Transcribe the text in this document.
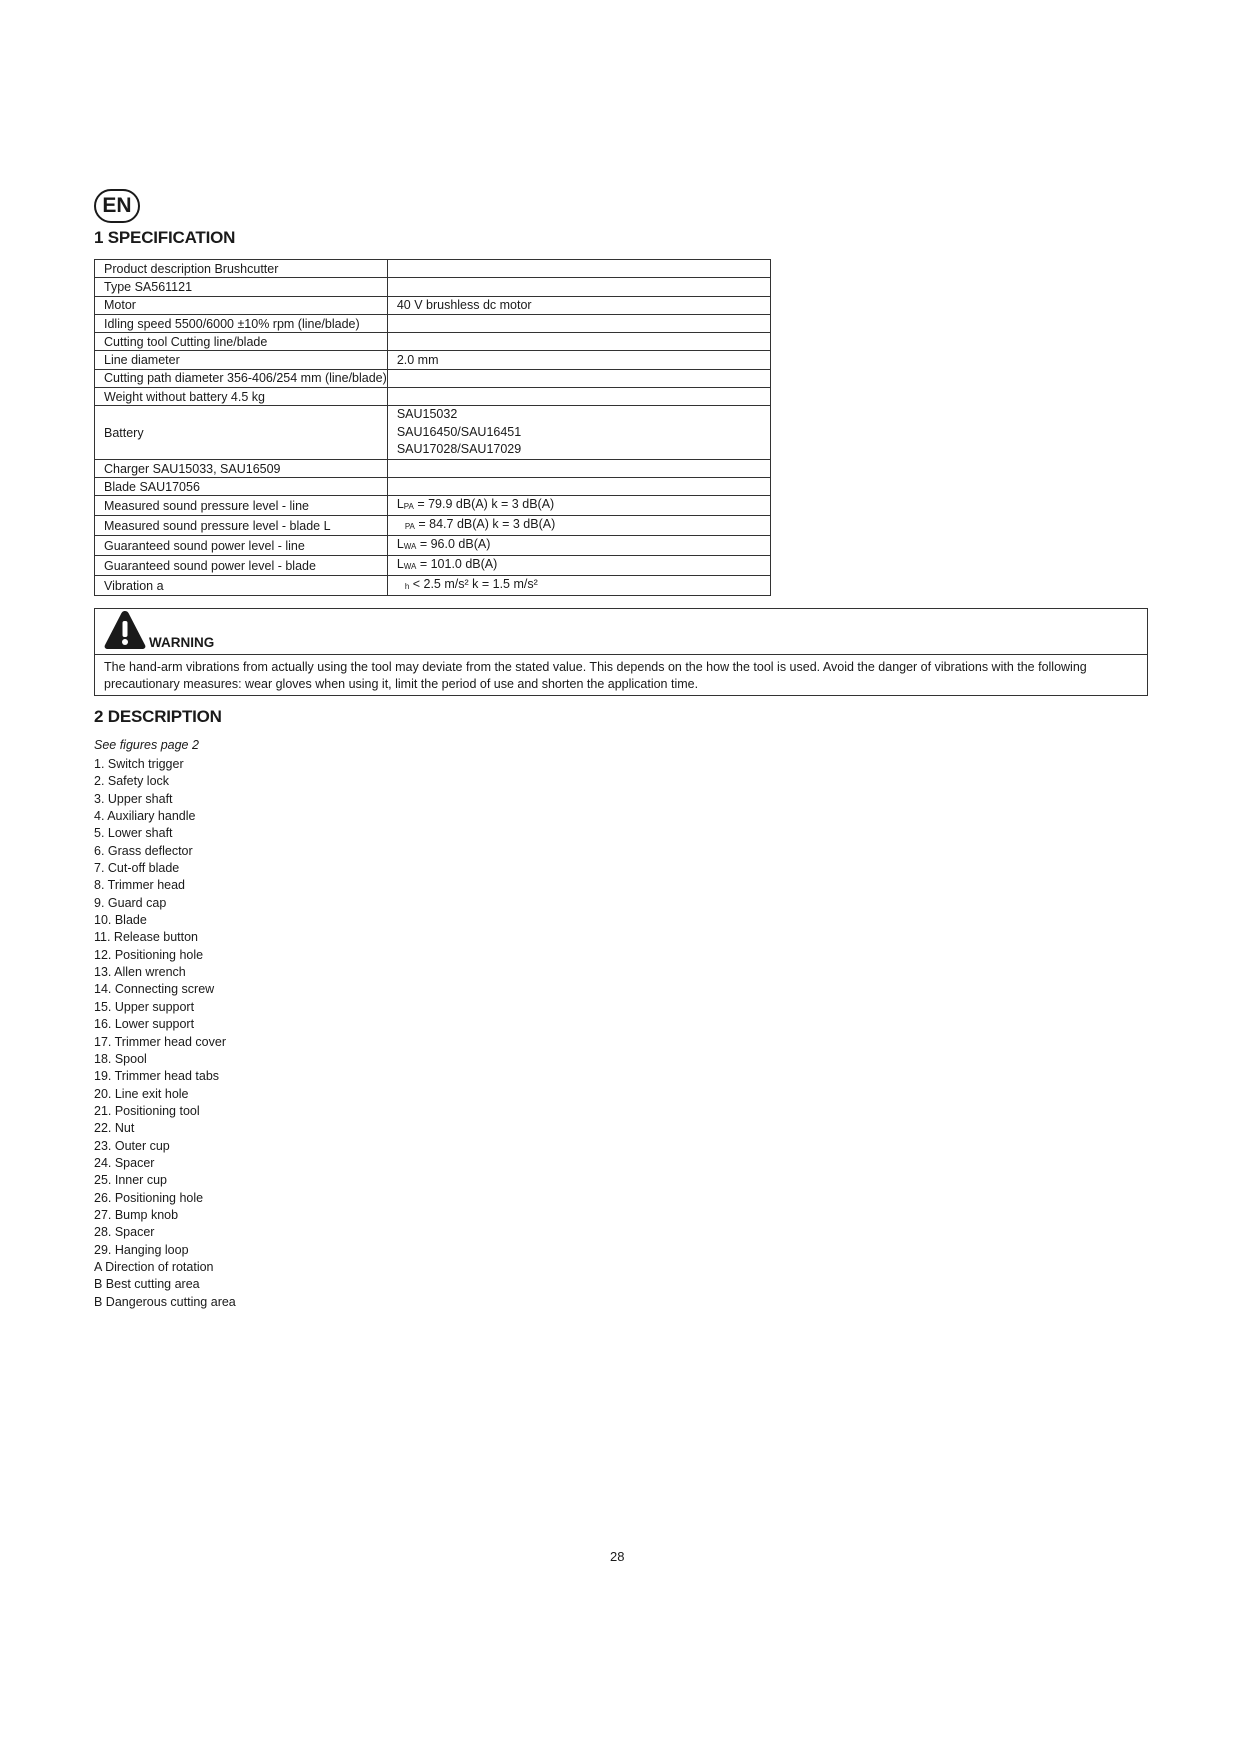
EN
1 SPECIFICATION
Product description Brushcutter	
Type SA561121	
Motor	40 V brushless dc motor
Idling speed 5500/6000 ±10% rpm (line/blade)	
Cutting tool Cutting line/blade	
Line diameter	2.0 mm
Cutting path diameter 356-406/254 mm (line/blade)	
Weight without battery 4.5 kg	
Battery	SAU15032
SAU16450/SAU16451
SAU17028/SAU17029

Charger SAU15033, SAU16509	
Blade SAU17056	
Measured sound pressure level - line	$L_{PA} = 79.9$ dB(A) k = 3 dB(A)
Measured sound pressure level - blade L	$_{PA}$ = 84.7 dB(A) k = 3 dB(A)
Guaranteed sound power level - line	$L_{WA} = 96.0$ dB(A)
Guaranteed sound power level - blade	$L_{WA} = 101.0$ dB(A)
Vibration a	$_h$ < 2.5 m/s² k = 1.5 m/s²
WARNING
The hand-arm vibrations from actually using the tool may deviate from the stated value. This depends on the how the tool is used. Avoid the danger of vibrations with the following precautionary measures: wear gloves when using it, limit the period of use and shorten the application time.
2 DESCRIPTION
See figures page 2
1. Switch trigger
2. Safety lock
3. Upper shaft
4. Auxiliary handle
5. Lower shaft
6. Grass deflector
7. Cut-off blade
8. Trimmer head
9. Guard cap
10. Blade
11. Release button
12. Positioning hole
13. Allen wrench
14. Connecting screw
15. Upper support
16. Lower support
17. Trimmer head cover
18. Spool
19. Trimmer head tabs
20. Line exit hole
21. Positioning tool
22. Nut
23. Outer cup
24. Spacer
25. Inner cup
26. Positioning hole
27. Bump knob
28. Spacer
29. Hanging loop
A Direction of rotation
B Best cutting area
B Dangerous cutting area
28
